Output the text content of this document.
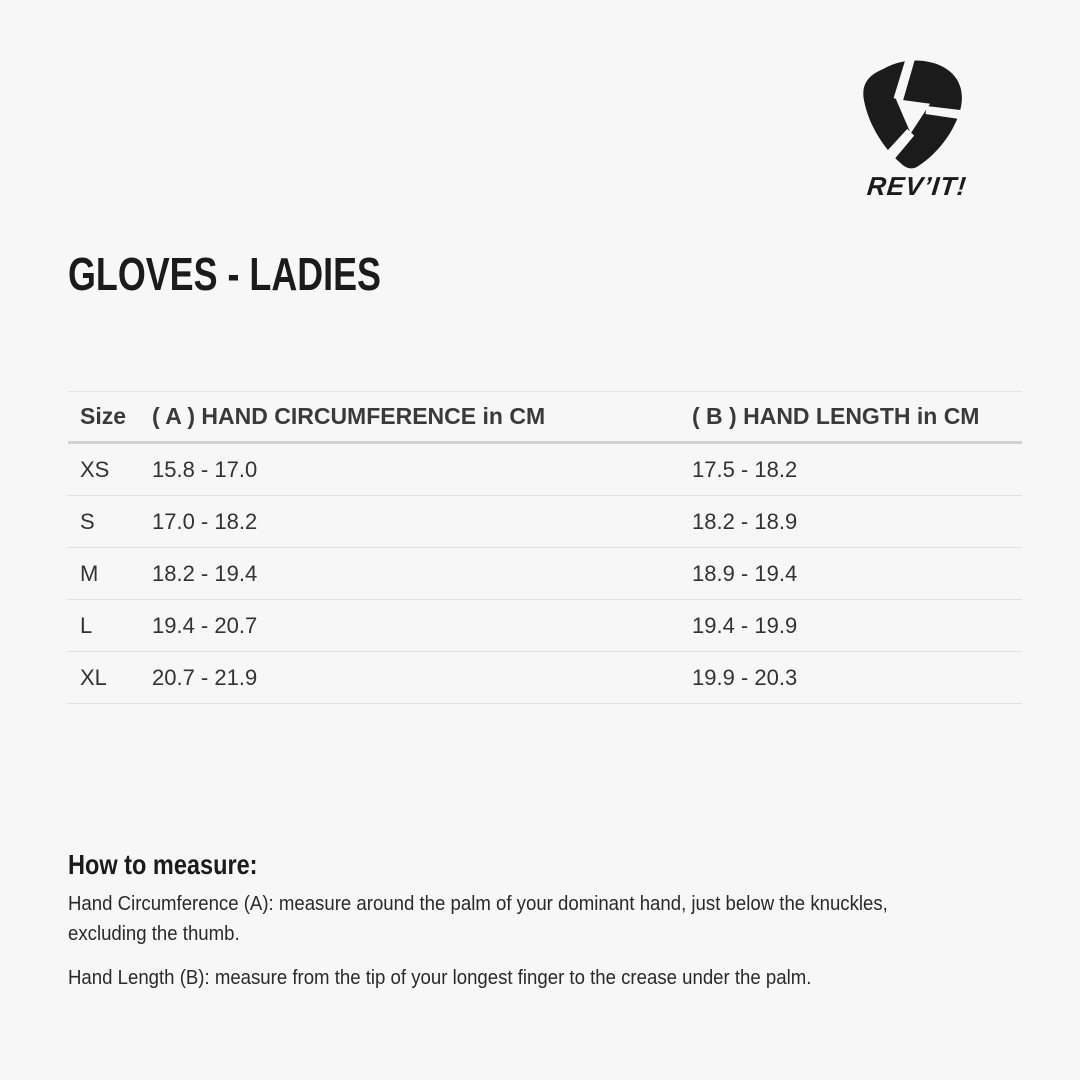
REV’IT!
GLOVES - LADIES
Size	( A ) HAND CIRCUMFERENCE in CM	( B ) HAND LENGTH in CM
XS	15.8 - 17.0	17.5 - 18.2
S	17.0 - 18.2	18.2 - 18.9
M	18.2 - 19.4	18.9 - 19.4
L	19.4 - 20.7	19.4 - 19.9
XL	20.7 - 21.9	19.9 - 20.3
How to measure:
Hand Circumference (A): measure around the palm of your dominant hand, just below the knuckles,
excluding the thumb.
Hand Length (B): measure from the tip of your longest finger to the crease under the palm.
